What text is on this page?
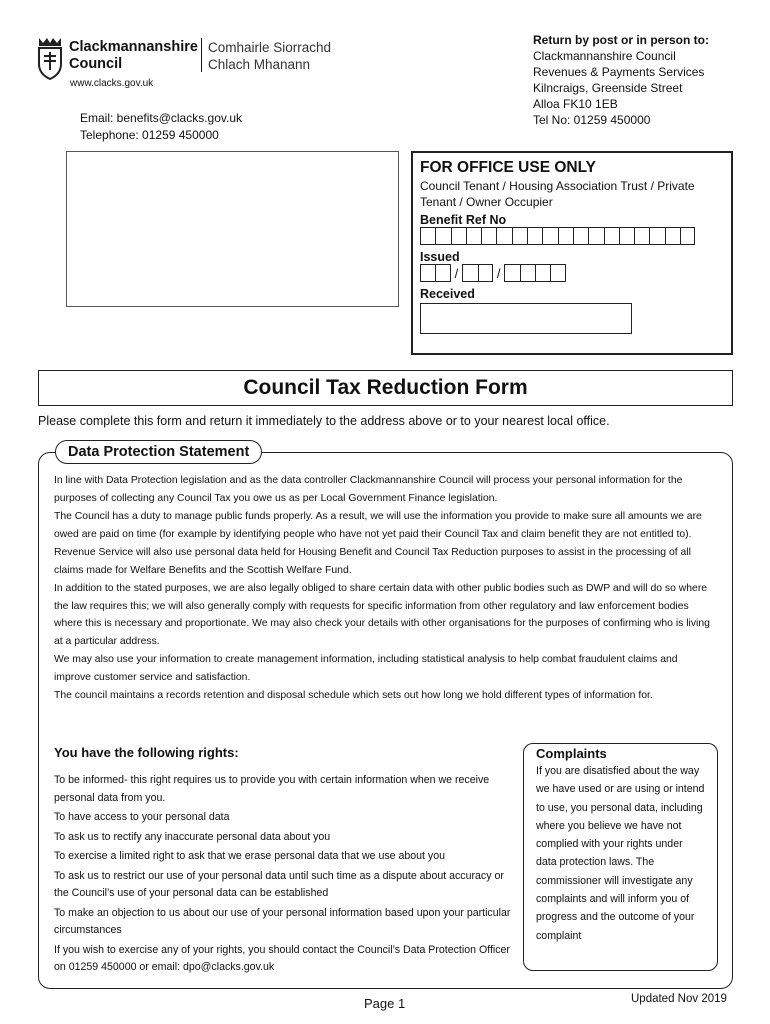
Clackmannanshire
Council
Comhairle Siorrachd
Chlach Mhanann
www.clacks.gov.uk
Email: benefits@clacks.gov.uk
Telephone: 01259 450000
Return by post or in person to:
Clackmannanshire Council
Revenues & Payments Services
Kilncraigs, Greenside Street
Alloa FK10 1EB
Tel No: 01259 450000
FOR OFFICE USE ONLY
Council Tenant / Housing Association Trust / Private Tenant / Owner Occupier
Benefit Ref No
Issued
/	/
Received
Council Tax Reduction Form
Please complete this form and return it immediately to the address above or to your nearest local office.
Data Protection Statement

In line with Data Protection legislation and as the data controller Clackmannanshire Council will process your personal information for the purposes of collecting any Council Tax you owe us as per Local Government Finance legislation.

The Council has a duty to manage public funds properly. As a result, we will use the information you provide to make sure all amounts we are owed are paid on time (for example by identifying people who have not yet paid their Council Tax and claim benefit they are not entitled to).

Revenue Service will also use personal data held for Housing Benefit and Council Tax Reduction purposes to assist in the processing of all claims made for Welfare Benefits and the Scottish Welfare Fund.

In addition to the stated purposes, we are also legally obliged to share certain data with other public bodies such as DWP and will do so where the law requires this; we will also generally comply with requests for specific information from other regulatory and law enforcement bodies where this is necessary and proportionate. We may also check your details with other organisations for the purposes of confirming who is living at a particular address.

We may also use your information to create management information, including statistical analysis to help combat fraudulent claims and improve customer service and satisfaction.

The council maintains a records retention and disposal schedule which sets out how long we hold different types of information for.

You have the following rights:

To be informed- this right requires us to provide you with certain information when we receive personal data from you.

To have access to your personal data

To ask us to rectify any inaccurate personal data about you

To exercise a limited right to ask that we erase personal data that we use about you

To ask us to restrict our use of your personal data until such time as a dispute about accuracy or the Council’s use of your personal data can be established

To make an objection to us about our use of your personal information based upon your particular circumstances

If you wish to exercise any of your rights, you should contact the Council’s Data Protection Officer on 01259 450000 or email: dpo@clacks.gov.uk

Complaints
If you are disatisfied about the way we have used or are using or intend to use, you personal data, including where you believe we have not complied with your rights under data protection laws. The commissioner will investigate any complaints and will inform you of progress and the outcome of your complaint
Page 1	Updated Nov 2019
